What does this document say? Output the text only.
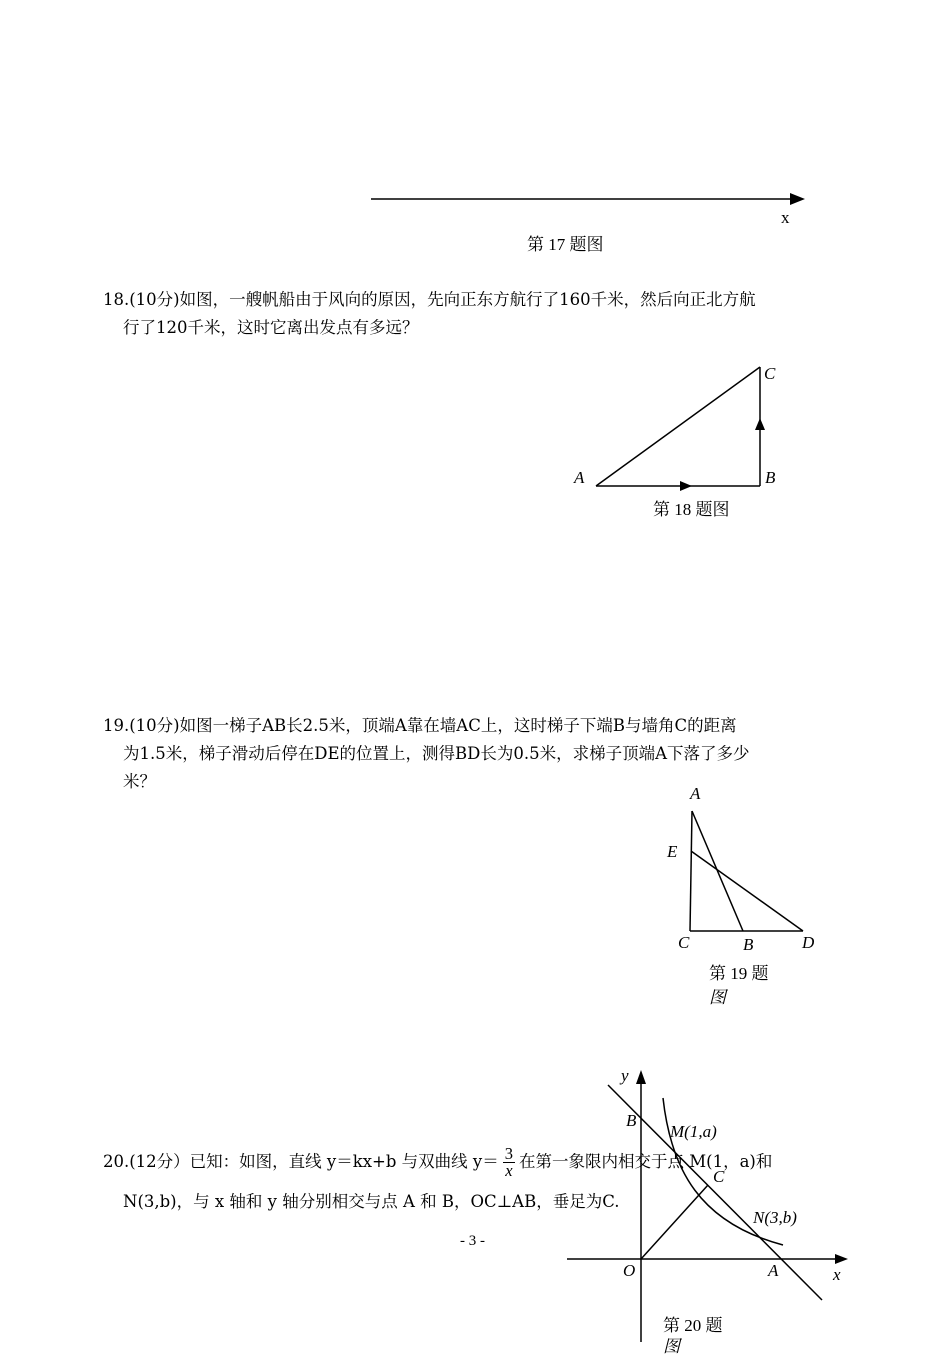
x
第 17 题图
18.(10分)如图，一艘帆船由于风向的原因，先向正东方航行了160千米，然后向正北方航
行了120千米，这时它离出发点有多远？
A	B
C
第 18 题图
19.(10分)如图一梯子AB长2.5米，顶端A靠在墙AC上，这时梯子下端B与墙角C的距离
为1.5米，梯子滑动后停在DE的位置上，测得BD长为0.5米，求梯子顶端A下落了多少
米？
A
E
C	B	D
第 19 题
图
y
B
M(1,a)
C
N(3,b)
O	A	x
第 20 题
图
20.(12分）已知：如图，直线 y＝kx+b 与双曲线 $y= \frac{3}{x}$ 在第一象限内相交于点 M(1，a)和
N(3,b)，与 x 轴和 y 轴分别相交与点 A 和 B，OC⊥AB，垂足为C.
- 3 -
